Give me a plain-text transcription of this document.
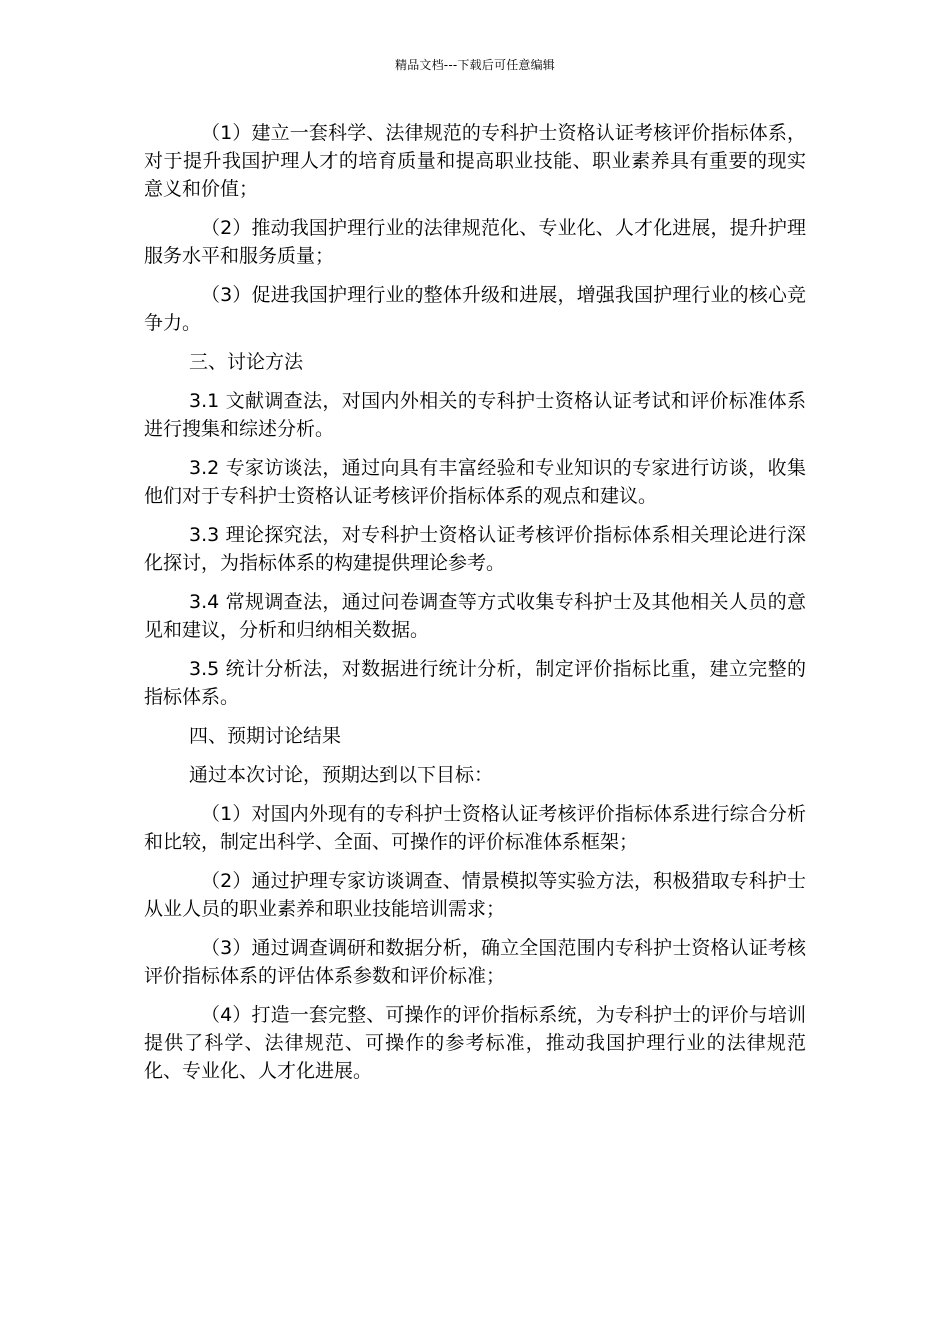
精品文档---下载后可任意编辑

（1）建立一套科学、法律规范的专科护士资格认证考核评价指标体系，对于提升我国护理人才的培育质量和提高职业技能、职业素养具有重要的现实意义和价值；

（2）推动我国护理行业的法律规范化、专业化、人才化进展，提升护理服务水平和服务质量；

（3）促进我国护理行业的整体升级和进展，增强我国护理行业的核心竞争力。

三、讨论方法

3.1 文献调查法，对国内外相关的专科护士资格认证考试和评价标准体系进行搜集和综述分析。

3.2 专家访谈法，通过向具有丰富经验和专业知识的专家进行访谈，收集他们对于专科护士资格认证考核评价指标体系的观点和建议。

3.3 理论探究法，对专科护士资格认证考核评价指标体系相关理论进行深化探讨，为指标体系的构建提供理论参考。

3.4 常规调查法，通过问卷调查等方式收集专科护士及其他相关人员的意见和建议，分析和归纳相关数据。

3.5 统计分析法，对数据进行统计分析，制定评价指标比重，建立完整的指标体系。

四、预期讨论结果

通过本次讨论，预期达到以下目标：

（1）对国内外现有的专科护士资格认证考核评价指标体系进行综合分析和比较，制定出科学、全面、可操作的评价标准体系框架；

（2）通过护理专家访谈调查、情景模拟等实验方法，积极猎取专科护士从业人员的职业素养和职业技能培训需求；

（3）通过调查调研和数据分析，确立全国范围内专科护士资格认证考核评价指标体系的评估体系参数和评价标准；

（4）打造一套完整、可操作的评价指标系统，为专科护士的评价与培训提供了科学、法律规范、可操作的参考标准，推动我国护理行业的法律规范化、专业化、人才化进展。
